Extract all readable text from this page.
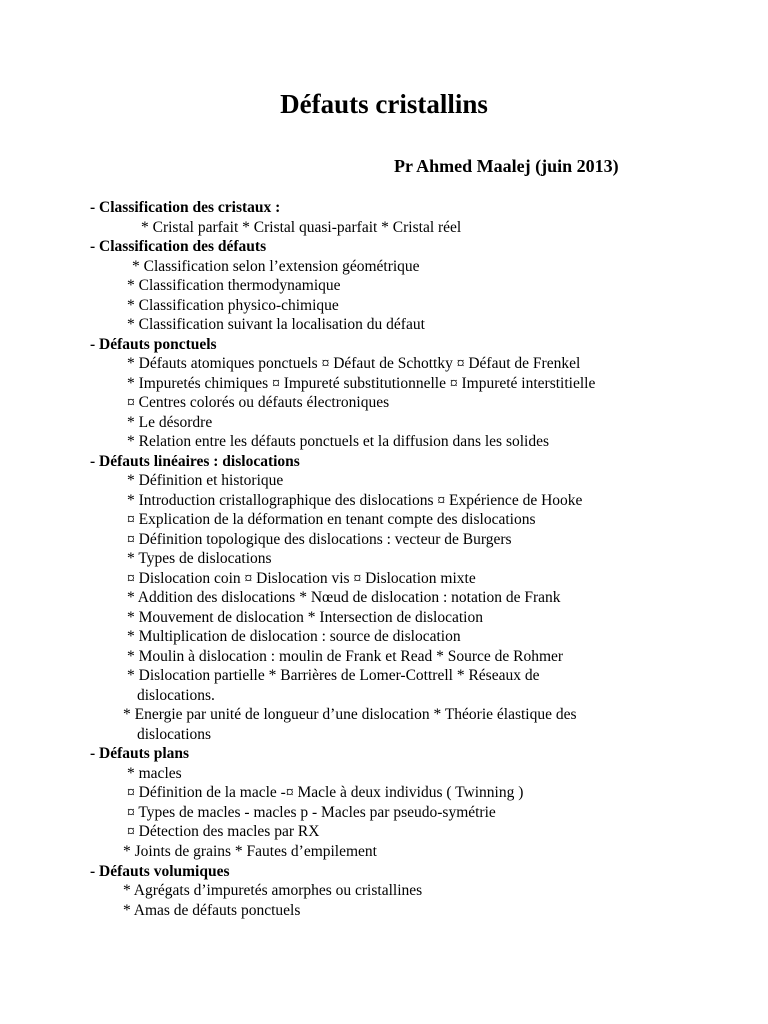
Défauts cristallins
Pr Ahmed Maalej (juin 2013)
- Classification des cristaux :
* Cristal parfait * Cristal quasi-parfait * Cristal réel
- Classification des défauts
* Classification selon l’extension géométrique
* Classification thermodynamique
* Classification physico-chimique
* Classification suivant la localisation du défaut
- Défauts ponctuels
* Défauts atomiques ponctuels ¤ Défaut de Schottky ¤ Défaut de Frenkel
* Impuretés chimiques ¤ Impureté substitutionnelle ¤ Impureté interstitielle
¤ Centres colorés ou défauts électroniques
* Le désordre
* Relation entre les défauts ponctuels et la diffusion dans les solides
- Défauts linéaires : dislocations
* Définition et historique
* Introduction cristallographique des dislocations ¤ Expérience de Hooke
¤ Explication de la déformation en tenant compte des dislocations
¤ Définition topologique des dislocations : vecteur de Burgers
* Types de dislocations
¤ Dislocation coin ¤ Dislocation vis ¤ Dislocation mixte
* Addition des dislocations * Nœud de dislocation : notation de Frank
* Mouvement de dislocation * Intersection de dislocation
* Multiplication de dislocation : source de dislocation
* Moulin à dislocation : moulin de Frank et Read * Source de Rohmer
* Dislocation partielle * Barrières de Lomer-Cottrell * Réseaux de
dislocations.
* Energie par unité de longueur d’une dislocation * Théorie élastique des
dislocations
- Défauts plans
* macles
¤ Définition de la macle -¤ Macle à deux individus ( Twinning )
¤ Types de macles - macles p - Macles par pseudo-symétrie
¤ Détection des macles par RX
* Joints de grains * Fautes d’empilement
- Défauts volumiques
* Agrégats d’impuretés amorphes ou cristallines
* Amas de défauts ponctuels
